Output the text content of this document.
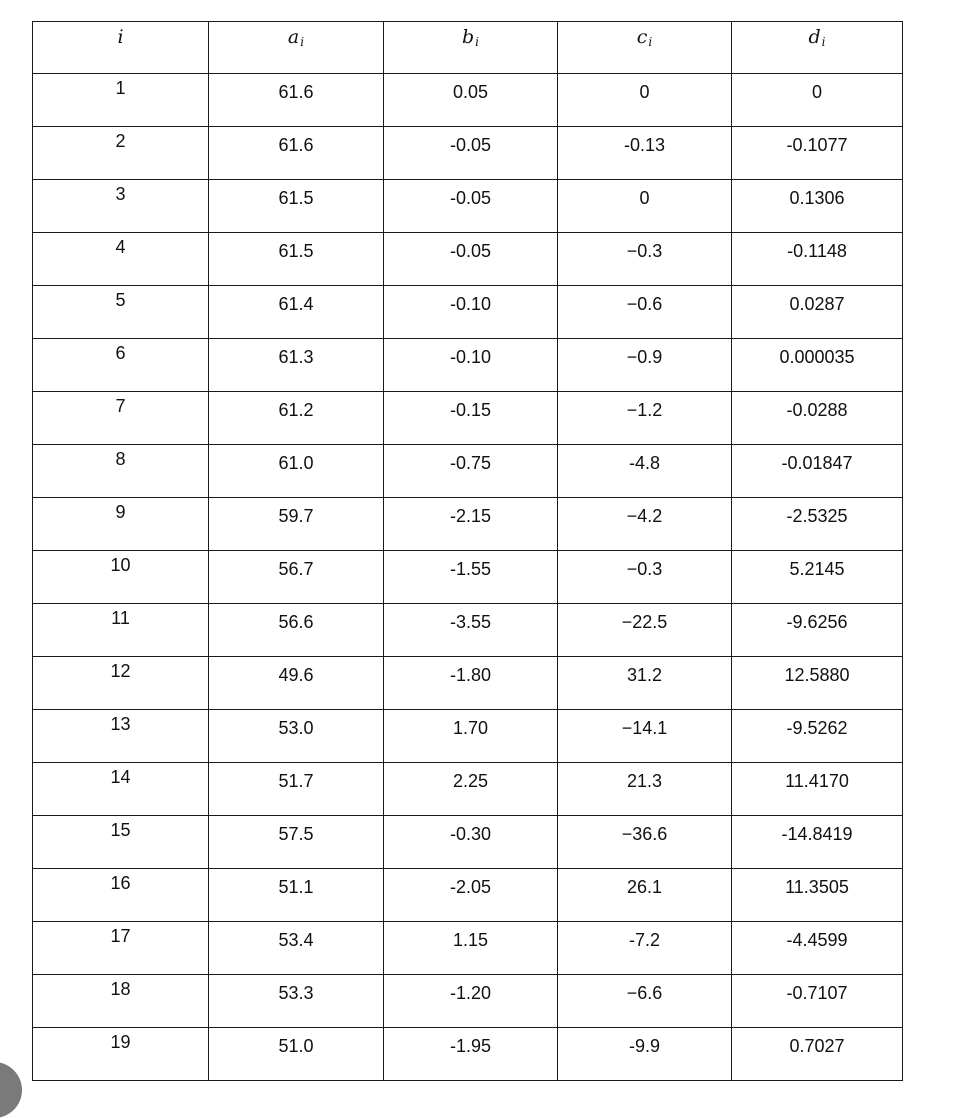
i	$a_i$	$b_i$	$c_i$	$d_i$
1	61.6	0.05	0	0
2	61.6	-0.05	-0.13	-0.1077
3	61.5	-0.05	0	0.1306
4	61.5	-0.05	−0.3	-0.1148
5	61.4	-0.10	−0.6	0.0287
6	61.3	-0.10	−0.9	0.000035
7	61.2	-0.15	−1.2	-0.0288
8	61.0	-0.75	-4.8	-0.01847
9	59.7	-2.15	−4.2	-2.5325
10	56.7	-1.55	−0.3	5.2145
11	56.6	-3.55	−22.5	-9.6256
12	49.6	-1.80	31.2	12.5880
13	53.0	1.70	−14.1	-9.5262
14	51.7	2.25	21.3	11.4170
15	57.5	-0.30	−36.6	-14.8419
16	51.1	-2.05	26.1	11.3505
17	53.4	1.15	-7.2	-4.4599
18	53.3	-1.20	−6.6	-0.7107
19	51.0	-1.95	-9.9	0.7027
